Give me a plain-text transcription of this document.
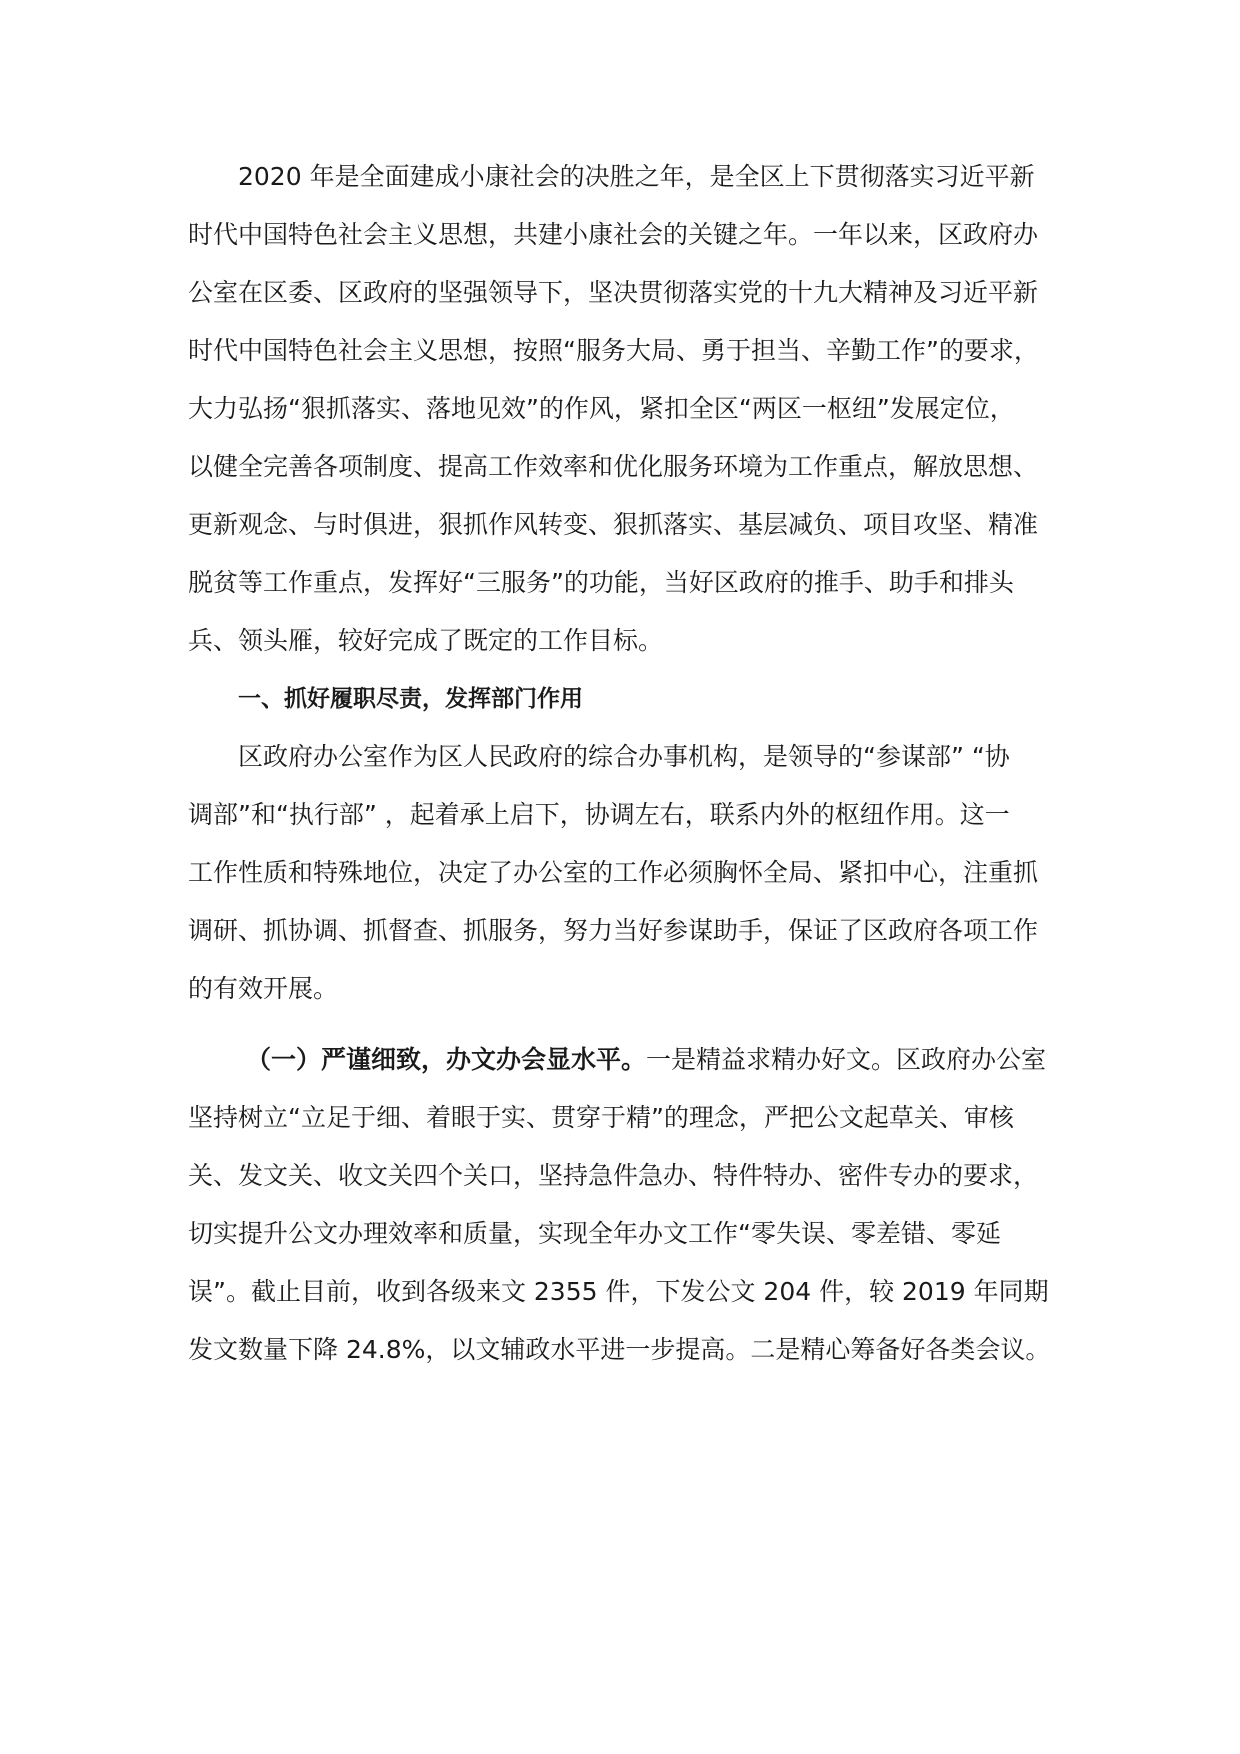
2020 年是全面建成小康社会的决胜之年，是全区上下贯彻落实习近平新
时代中国特色社会主义思想，共建小康社会的关键之年。一年以来，区政府办
公室在区委、区政府的坚强领导下，坚决贯彻落实党的十九大精神及习近平新
时代中国特色社会主义思想，按照“服务大局、勇于担当、辛勤工作”的要求，
大力弘扬“狠抓落实、落地见效”的作风，紧扣全区“两区一枢纽”发展定位，
以健全完善各项制度、提高工作效率和优化服务环境为工作重点，解放思想、
更新观念、与时俱进，狠抓作风转变、狠抓落实、基层减负、项目攻坚、精准
脱贫等工作重点，发挥好“三服务”的功能，当好区政府的推手、助手和排头
兵、领头雁，较好完成了既定的工作目标。
一、抓好履职尽责，发挥部门作用
区政府办公室作为区人民政府的综合办事机构，是领导的“参谋部” “协
调部”和“执行部” ，起着承上启下，协调左右，联系内外的枢纽作用。这一
工作性质和特殊地位，决定了办公室的工作必须胸怀全局、紧扣中心，注重抓
调研、抓协调、抓督查、抓服务，努力当好参谋助手，保证了区政府各项工作
的有效开展。
（一）严谨细致，办文办会显水平。一是精益求精办好文。区政府办公室
坚持树立“立足于细、着眼于实、贯穿于精”的理念，严把公文起草关、审核
关、发文关、收文关四个关口，坚持急件急办、特件特办、密件专办的要求，
切实提升公文办理效率和质量，实现全年办文工作“零失误、零差错、零延
误”。截止目前，收到各级来文 2355 件，下发公文 204 件，较 2019 年同期
发文数量下降 24.8%，以文辅政水平进一步提高。二是精心筹备好各类会议。
